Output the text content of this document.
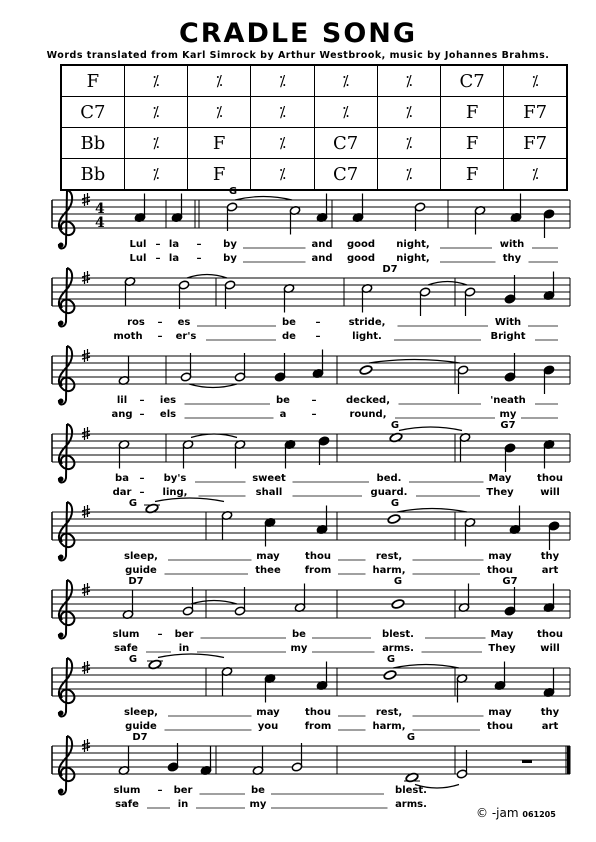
CRADLE SONG
Words translated from Karl Simrock by Arthur Westbrook, music by Johannes Brahms.
F	⁒	⁒	⁒	⁒	⁒	C7	⁒
C7	⁒	⁒	⁒	⁒	⁒	F	F7
Bb	⁒	F	⁒	C7	⁒	F	F7
Bb	⁒	F	⁒	C7	⁒	F	⁒
4
4
G
Lul – la – by	and good night,	with
Lul – la – by	and good night,	thy
D7
ros – es	be –	stride,	With
moth – er's	de –	light.	Bright
lil – ies	be –	decked,	'neath
ang – els	a	–	round,	my
G	G7
ba – by's	sweet	bed.	May	thou
dar – ling,	shall	guard.	They	will
G	G
sleep,	may	thou	rest,	may	thy
guide	thee from	harm,	thou	art
D7	G	G7
slum – ber	be	blest.	May thou
safe	in	my	arms.	They will
G	G
sleep,	may	thou	rest,	may	thy
guide	you	from	harm,	thou	art
D7	G
slum – ber	be	blest.
safe	in	my	arms.
© -jam 061205
